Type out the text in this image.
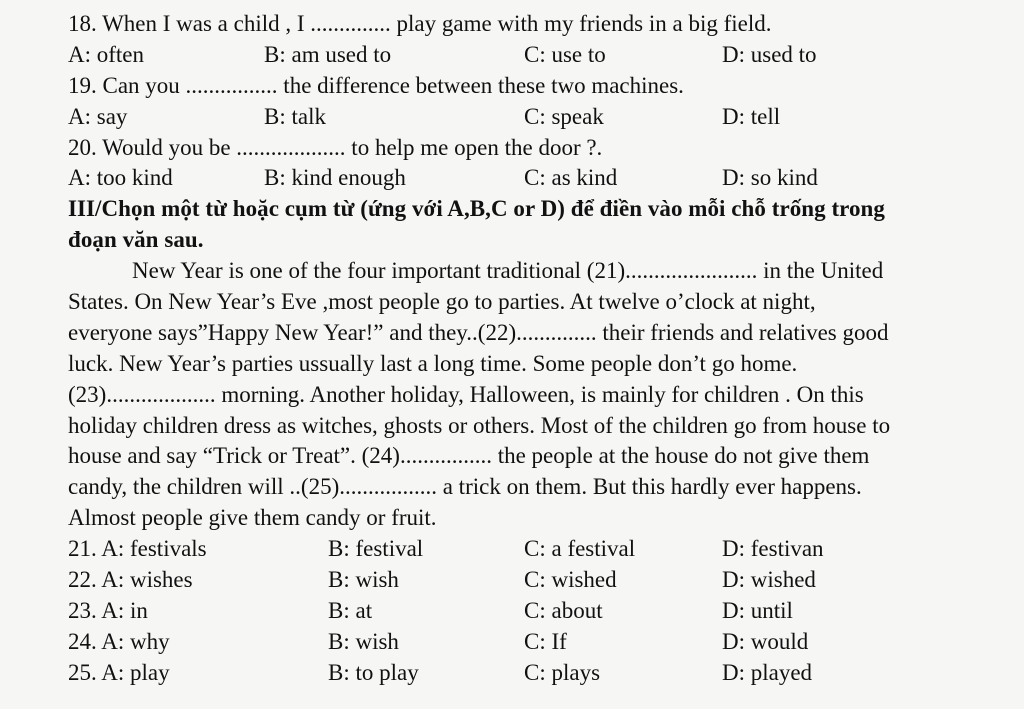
18. When I was a child , I .............. play game with my friends in a big field.
A: often	B: am used to	C: use to	D: used to
19. Can you ................ the difference between these two machines.
A: say	B: talk	C: speak	D: tell
20. Would you be ................... to help me open the door ?.
A: too kind	B: kind enough	C: as kind	D: so kind
III/Chọn một từ hoặc cụm từ (ứng với A,B,C or D) để điền vào mỗi chỗ trống trong
đoạn văn sau.
New Year is one of the four important traditional (21)....................... in the United
States. On New Year’s Eve ,most people go to parties. At twelve o’clock at night,
everyone says”Happy New Year!” and they..(22).............. their friends and relatives good
luck. New Year’s parties ussually last a long time. Some people don’t go home.
(23)................... morning. Another holiday, Halloween, is mainly for children . On this
holiday children dress as witches, ghosts or others. Most of the children go from house to
house and say “Trick or Treat”. (24)................ the people at the house do not give them
candy, the children will ..(25)................. a trick on them. But this hardly ever happens.
Almost people give them candy or fruit.
21. A: festivals	B: festival	C: a festival	D: festivan
22. A: wishes	B: wish	C: wished	D: wished
23. A: in	B: at	C: about	D: until
24. A: why	B: wish	C: If	D: would
25. A: play	B: to play	C: plays	D: played
